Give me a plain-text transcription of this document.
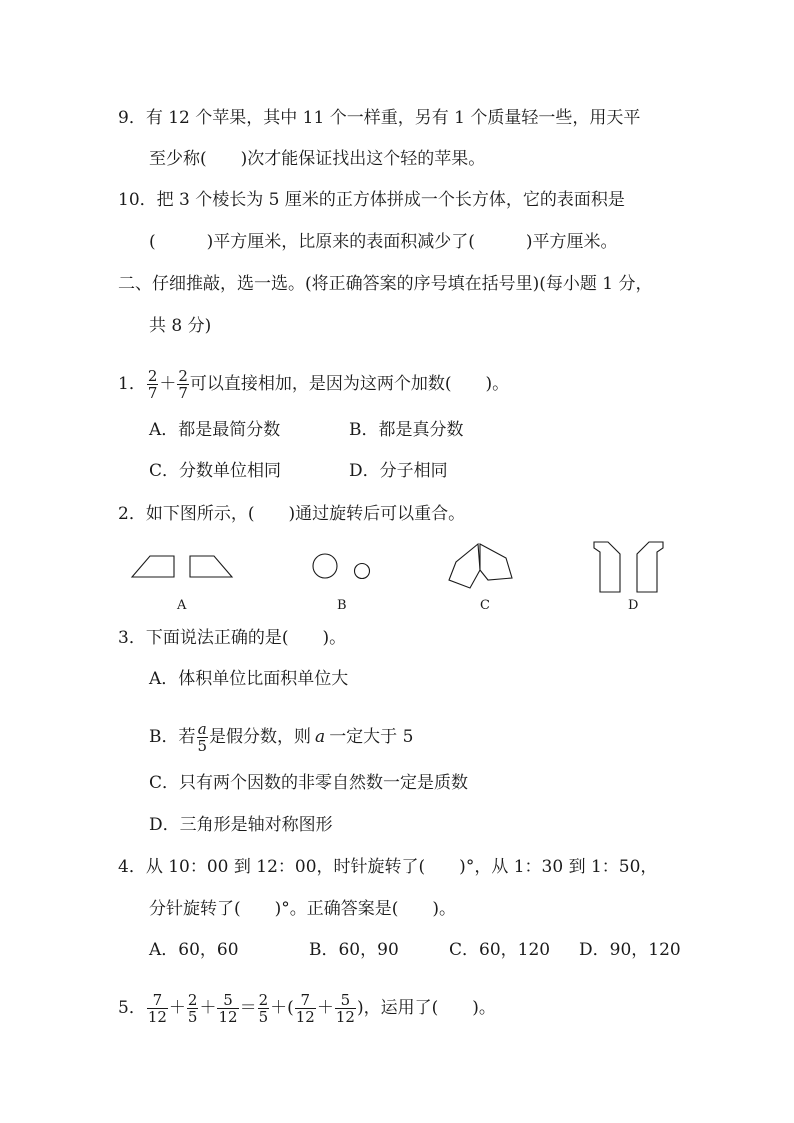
9．有 12 个苹果，其中 11 个一样重，另有 1 个质量轻一些，用天平
至少称(　　)次才能保证找出这个轻的苹果。
10．把 3 个棱长为 5 厘米的正方体拼成一个长方体，它的表面积是
(　　　)平方厘米，比原来的表面积减少了(　　　)平方厘米。
二、仔细推敲，选一选。(将正确答案的序号填在括号里)(每小题 1 分，
共 8 分)
1． $\frac{2}{7} + \frac{2}{7}$ 可以直接相加，是因为这两个加数(　　)。
A．都是最简分数	B．都是真分数
C．分数单位相同	D．分子相同
2．如下图所示，(　　)通过旋转后可以重合。
A	B	C	D
3．下面说法正确的是(　　)。
A．体积单位比面积单位大
B．若 $\frac{a}{5}$ 是假分数，则 a 一定大于 5
C．只有两个因数的非零自然数一定是质数
D．三角形是轴对称图形
4．从 10：00 到 12：00，时针旋转了(　　)°，从 1：30 到 1：50，
分针旋转了(　　)°。正确答案是(　　)。
A．60，60	B．60，90	C．60，120 D．90，120
5． $\frac{7}{12} + \frac{2}{5} + \frac{5}{12} = \frac{2}{5}$ ＋( $\frac{7}{12} + \frac{5}{12}$ )，运用了(　　)。
